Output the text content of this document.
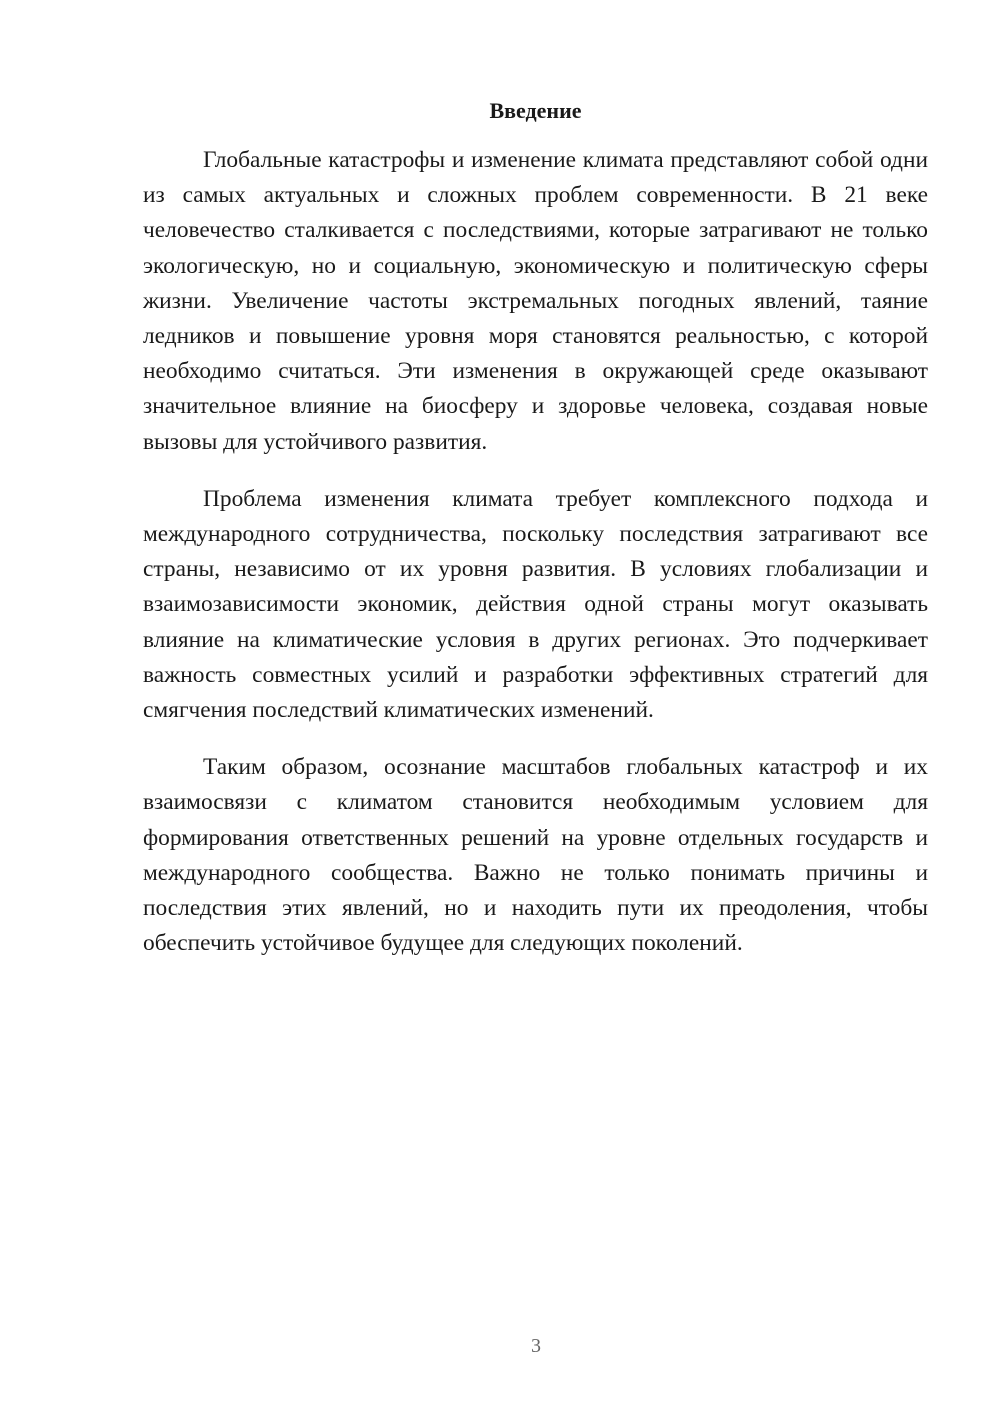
Введение

Глобальные катастрофы и изменение климата представляют собой одни из самых актуальных и сложных проблем современности. В 21 веке человечество сталкивается с последствиями, которые затрагивают не только экологическую, но и социальную, экономическую и политическую сферы жизни. Увеличение частоты экстремальных погодных явлений, таяние ледников и повышение уровня моря становятся реальностью, с которой необходимо считаться. Эти изменения в окружающей среде оказывают значительное влияние на биосферу и здоровье человека, создавая новые вызовы для устойчивого развития.

Проблема изменения климата требует комплексного подхода и международного сотрудничества, поскольку последствия затрагивают все страны, независимо от их уровня развития. В условиях глобализации и взаимозависимости экономик, действия одной страны могут оказывать влияние на климатические условия в других регионах. Это подчеркивает важность совместных усилий и разработки эффективных стратегий для смягчения последствий климатических изменений.

Таким образом, осознание масштабов глобальных катастроф и их взаимосвязи с климатом становится необходимым условием для формирования ответственных решений на уровне отдельных государств и международного сообщества. Важно не только понимать причины и последствия этих явлений, но и находить пути их преодоления, чтобы обеспечить устойчивое будущее для следующих поколений.

3
